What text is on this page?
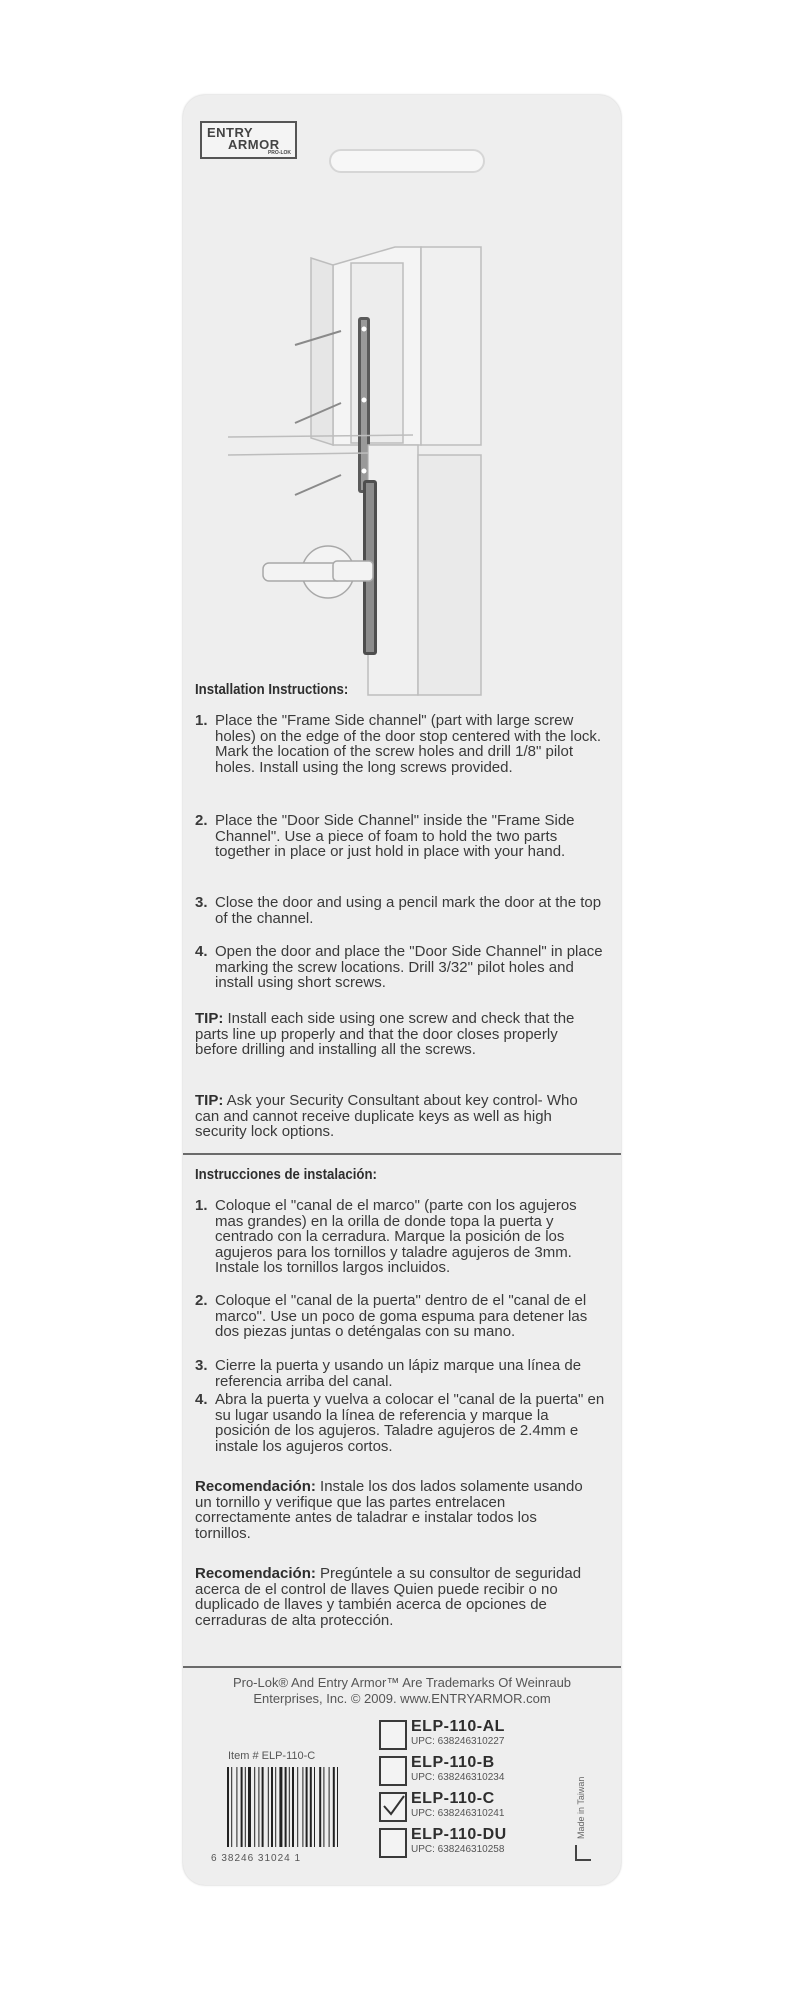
ENTRY
ARMOR
PRO-LOK
Installation Instructions:
1. Place the "Frame Side channel" (part with large screw holes) on the edge of the door stop centered with the lock. Mark the location of the screw holes and drill 1/8" pilot holes. Install using the long screws provided.
2. Place the "Door Side Channel" inside the "Frame Side Channel". Use a piece of foam to hold the two parts together in place or just hold in place with your hand.
3. Close the door and using a pencil mark the door at the top of the channel.
4. Open the door and place the "Door Side Channel" in place marking the screw locations. Drill 3/32" pilot holes and install using short screws.
TIP: Install each side using one screw and check that the parts line up properly and that the door closes properly before drilling and installing all the screws.
TIP: Ask your Security Consultant about key control- Who can and cannot receive duplicate keys as well as high security lock options.
Instrucciones de instalación:
1. Coloque el "canal de el marco" (parte con los agujeros mas grandes) en la orilla de donde topa la puerta y centrado con la cerradura. Marque la posición de los agujeros para los tornillos y taladre agujeros de 3mm. Instale los tornillos largos incluidos.
2. Coloque el "canal de la puerta" dentro de el "canal de el marco". Use un poco de goma espuma para detener las dos piezas juntas o deténgalas con su mano.
3. Cierre la puerta y usando un lápiz marque una línea de referencia arriba del canal.
4. Abra la puerta y vuelva a colocar el "canal de la puerta" en su lugar usando la línea de referencia y marque la posición de los agujeros. Taladre agujeros de 2.4mm e instale los agujeros cortos.
Recomendación: Instale los dos lados solamente usando un tornillo y verifique que las partes entrelacen correctamente antes de taladrar e instalar todos los tornillos.
Recomendación: Pregúntele a su consultor de seguridad acerca de el control de llaves Quien puede recibir o no duplicado de llaves y también acerca de opciones de cerraduras de alta protección.
Pro-Lok® And Entry Armor™ Are Trademarks Of Weinraub
Enterprises, Inc. © 2009. www.ENTRYARMOR.com
Item # ELP-110-C
6 38246 31024 1
ELP-110-AL
UPC: 638246310227
ELP-110-B
UPC: 638246310234
ELP-110-C
UPC: 638246310241
ELP-110-DU
UPC: 638246310258
Made in Taiwan
